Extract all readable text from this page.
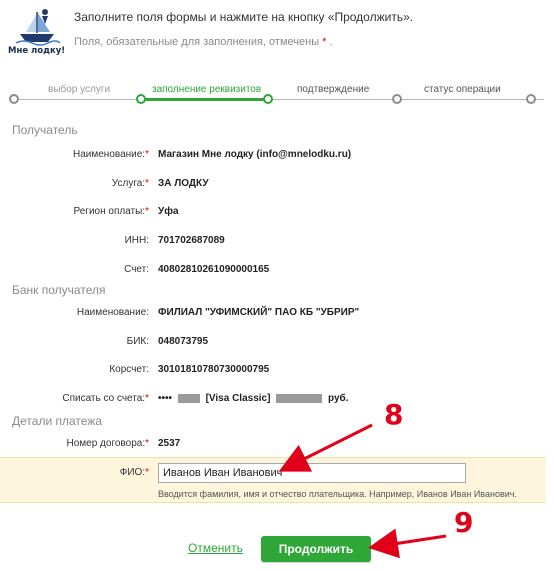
Мне лодку!
Заполните поля формы и нажмите на кнопку «Продолжить».
Поля, обязательные для заполнения, отмечены * .
выбор услуги	заполнение реквизитов	подтверждение	статус операции
Получатель
Наименование:* Магазин Мне лодку (info@mnelodku.ru)
Услуга:* ЗА ЛОДКУ
Регион оплаты:* Уфа
ИНН: 701702687089
Счет: 40802810261090000165
Банк получателя
Наименование: ФИЛИАЛ "УФИМСКИЙ" ПАО КБ "УБРИР"
БИК: 048073795
Корсчет: 30101810780730000795
Списать со счета:* ••••	[Visa Classic]	руб.
Детали платежа
Номер договора:* 2537
ФИО:*
Иванов Иван Иванович
Вводится фамилия, имя и отчество плательщика. Например, Иванов Иван Иванович.
Отменить	Продолжить
8
9
